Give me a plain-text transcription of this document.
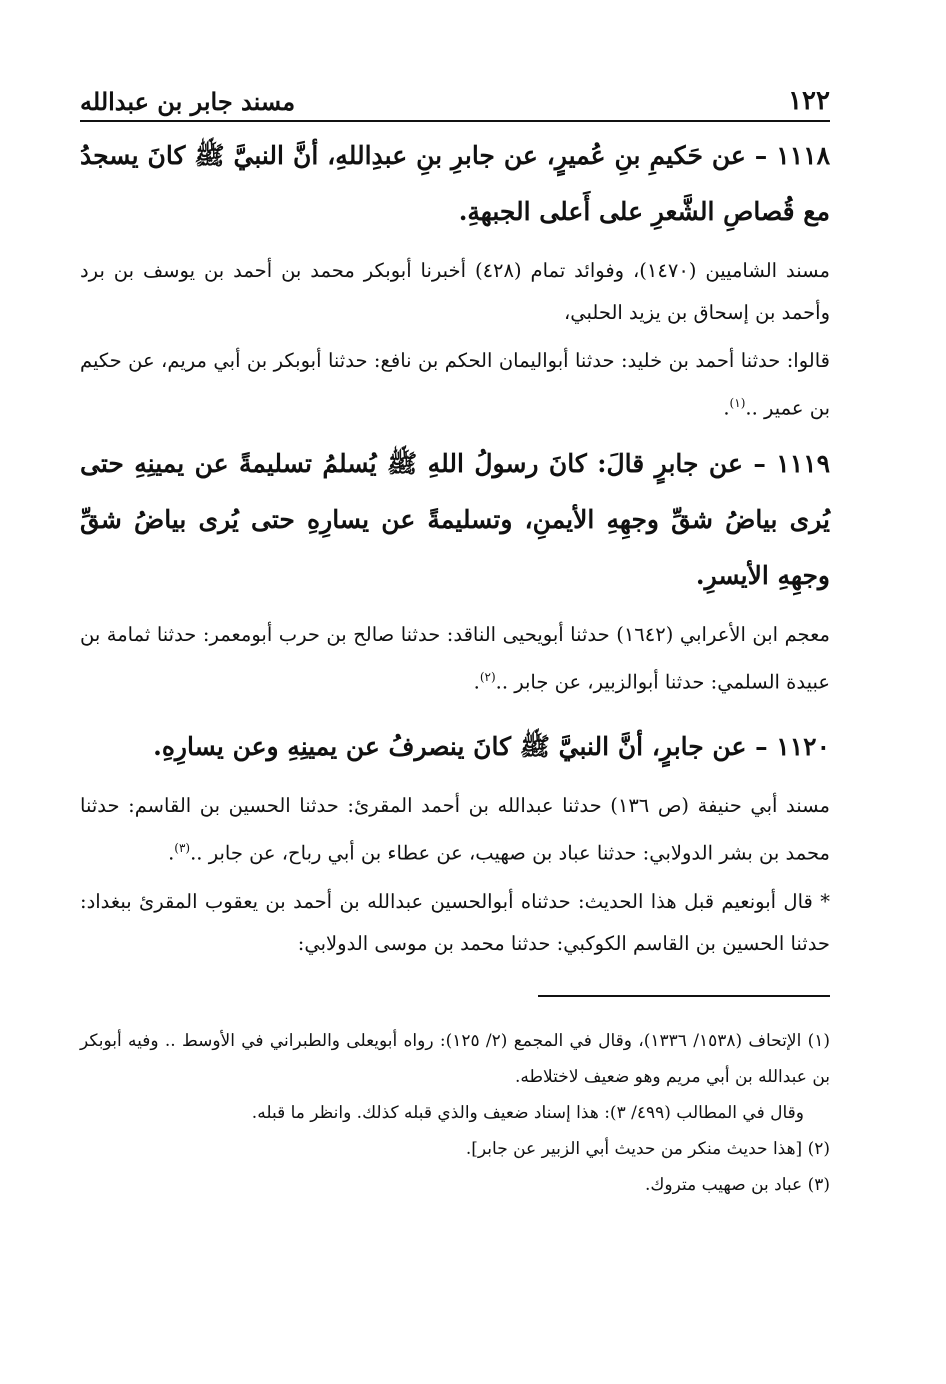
١٢٢
مسند جابر بن عبدالله

١١١٨ – عن حَكيمِ بنِ عُميرٍ، عن جابرِ بنِ عبدِاللهِ، أنَّ النبيَّ ﷺ كانَ يسجدُ مع قُصاصِ الشَّعرِ على أَعلى الجبهةِ.

مسند الشاميين (١٤٧٠)، وفوائد تمام (٤٢٨) أخبرنا أبوبكر محمد بن أحمد بن يوسف بن برد وأحمد بن إسحاق بن يزيد الحلبي،

قالوا: حدثنا أحمد بن خليد: حدثنا أبواليمان الحكم بن نافع: حدثنا أبوبكر بن أبي مريم، عن حكيم بن عمير ..$^{(١)}$.

١١١٩ – عن جابرٍ قالَ: كانَ رسولُ اللهِ ﷺ يُسلمُ تسليمةً عن يمينِهِ حتى يُرى بياضُ شقِّ وجهِهِ الأيمنِ، وتسليمةً عن يسارِهِ حتى يُرى بياضُ شقِّ وجهِهِ الأيسرِ.

معجم ابن الأعرابي (١٦٤٢) حدثنا أبويحيى الناقد: حدثنا صالح بن حرب أبومعمر: حدثنا ثمامة بن عبيدة السلمي: حدثنا أبوالزبير، عن جابر ..$^{(٢)}$.

١١٢٠ – عن جابرٍ، أنَّ النبيَّ ﷺ كانَ ينصرفُ عن يمينِهِ وعن يسارِهِ.

مسند أبي حنيفة (ص ١٣٦) حدثنا عبدالله بن أحمد المقرئ: حدثنا الحسين بن القاسم: حدثنا محمد بن بشر الدولابي: حدثنا عباد بن صهيب، عن عطاء بن أبي رباح، عن جابر ..$^{(٣)}$.

* قال أبونعيم قبل هذا الحديث: حدثناه أبوالحسين عبدالله بن أحمد بن يعقوب المقرئ ببغداد: حدثنا الحسين بن القاسم الكوكبي: حدثنا محمد بن موسى الدولابي:

(١) الإتحاف (١٥٣٨/ ١٣٣٦)، وقال في المجمع (٢/ ١٢٥): رواه أبويعلى والطبراني في الأوسط .. وفيه أبوبكر بن عبدالله بن أبي مريم وهو ضعيف لاختلاطه.

وقال في المطالب (٤٩٩/ ٣): هذا إسناد ضعيف والذي قبله كذلك. وانظر ما قبله.

(٢) [هذا حديث منكر من حديث أبي الزبير عن جابر].

(٣) عباد بن صهيب متروك.
